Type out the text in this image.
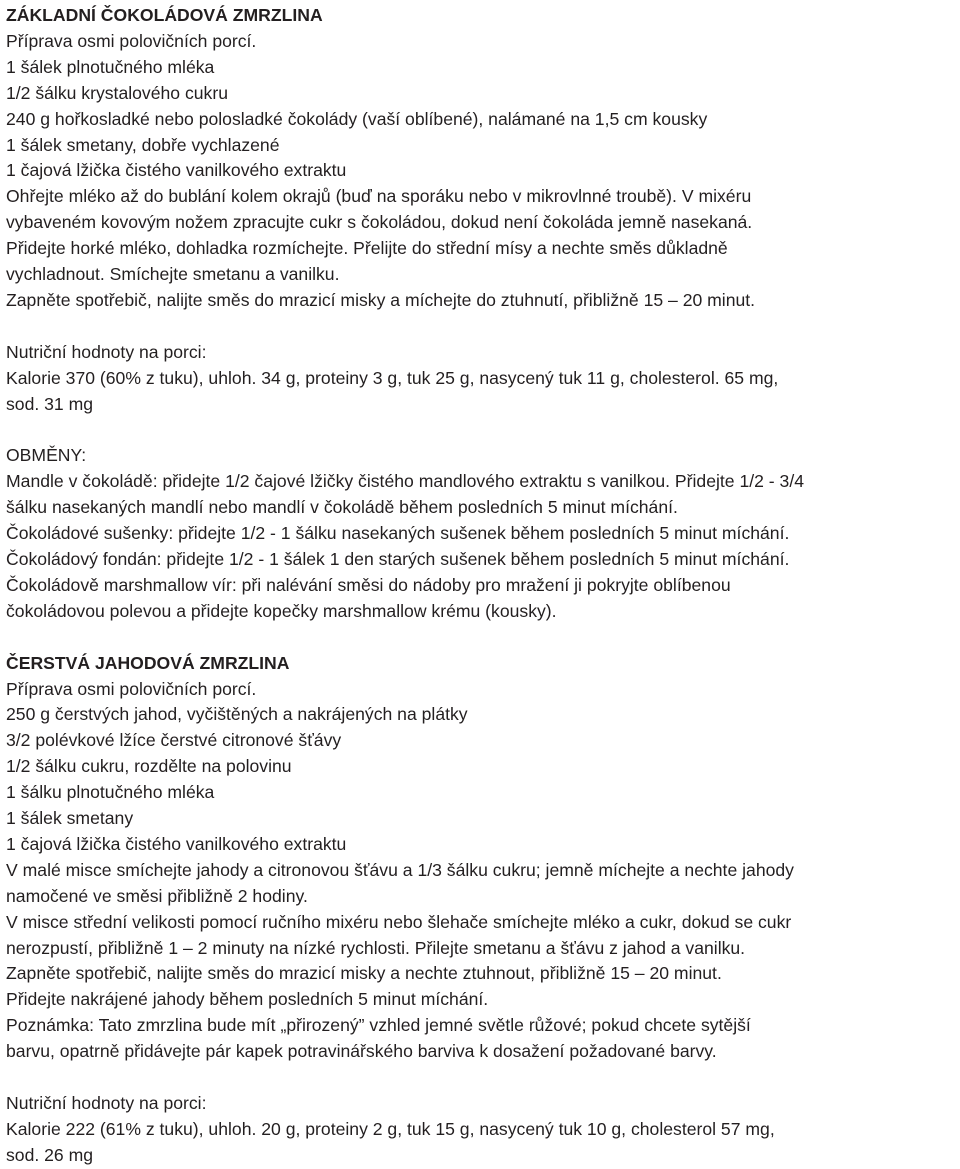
ZÁKLADNÍ ČOKOLÁDOVÁ ZMRZLINA
Příprava osmi polovičních porcí.
1 šálek plnotučného mléka
1/2 šálku krystalového cukru
240 g hořkosladké nebo polosladké čokolády (vaší oblíbené), nalámané na 1,5 cm kousky
1 šálek smetany, dobře vychlazené
1 čajová lžička čistého vanilkového extraktu
Ohřejte mléko až do bublání kolem okrajů (buď na sporáku nebo v mikrovlnné troubě). V mixéru
vybaveném kovovým nožem zpracujte cukr s čokoládou, dokud není čokoláda jemně nasekaná.
Přidejte horké mléko, dohladka rozmíchejte. Přelijte do střední mísy a nechte směs důkladně
vychladnout. Smíchejte smetanu a vanilku.
Zapněte spotřebič, nalijte směs do mrazicí misky a míchejte do ztuhnutí, přibližně 15 – 20 minut.
Nutriční hodnoty na porci:
Kalorie 370 (60% z tuku), uhloh. 34 g, proteiny 3 g, tuk 25 g, nasycený tuk 11 g, cholesterol. 65 mg,
sod. 31 mg
OBMĚNY:
Mandle v čokoládě: přidejte 1/2 čajové lžičky čistého mandlového extraktu s vanilkou. Přidejte 1/2 - 3/4
šálku nasekaných mandlí nebo mandlí v čokoládě během posledních 5 minut míchání.
Čokoládové sušenky: přidejte 1/2 - 1 šálku nasekaných sušenek během posledních 5 minut míchání.
Čokoládový fondán: přidejte 1/2 - 1 šálek 1 den starých sušenek během posledních 5 minut míchání.
Čokoládově marshmallow vír: při nalévání směsi do nádoby pro mražení ji pokryjte oblíbenou
čokoládovou polevou a přidejte kopečky marshmallow krému (kousky).
ČERSTVÁ JAHODOVÁ ZMRZLINA
Příprava osmi polovičních porcí.
250 g čerstvých jahod, vyčištěných a nakrájených na plátky
3/2 polévkové lžíce čerstvé citronové šťávy
1/2 šálku cukru, rozdělte na polovinu
1 šálku plnotučného mléka
1 šálek smetany
1 čajová lžička čistého vanilkového extraktu
V malé misce smíchejte jahody a citronovou šťávu a 1/3 šálku cukru; jemně míchejte a nechte jahody
namočené ve směsi přibližně 2 hodiny.
V misce střední velikosti pomocí ručního mixéru nebo šlehače smíchejte mléko a cukr, dokud se cukr
nerozpustí, přibližně 1 – 2 minuty na nízké rychlosti. Přilejte smetanu a šťávu z jahod a vanilku.
Zapněte spotřebič, nalijte směs do mrazicí misky a nechte ztuhnout, přibližně 15 – 20 minut.
Přidejte nakrájené jahody během posledních 5 minut míchání.
Poznámka: Tato zmrzlina bude mít „přirozený” vzhled jemné světle růžové; pokud chcete sytější
barvu, opatrně přidávejte pár kapek potravinářského barviva k dosažení požadované barvy.
Nutriční hodnoty na porci:
Kalorie 222 (61% z tuku), uhloh. 20 g, proteiny 2 g, tuk 15 g, nasycený tuk 10 g, cholesterol 57 mg,
sod. 26 mg
